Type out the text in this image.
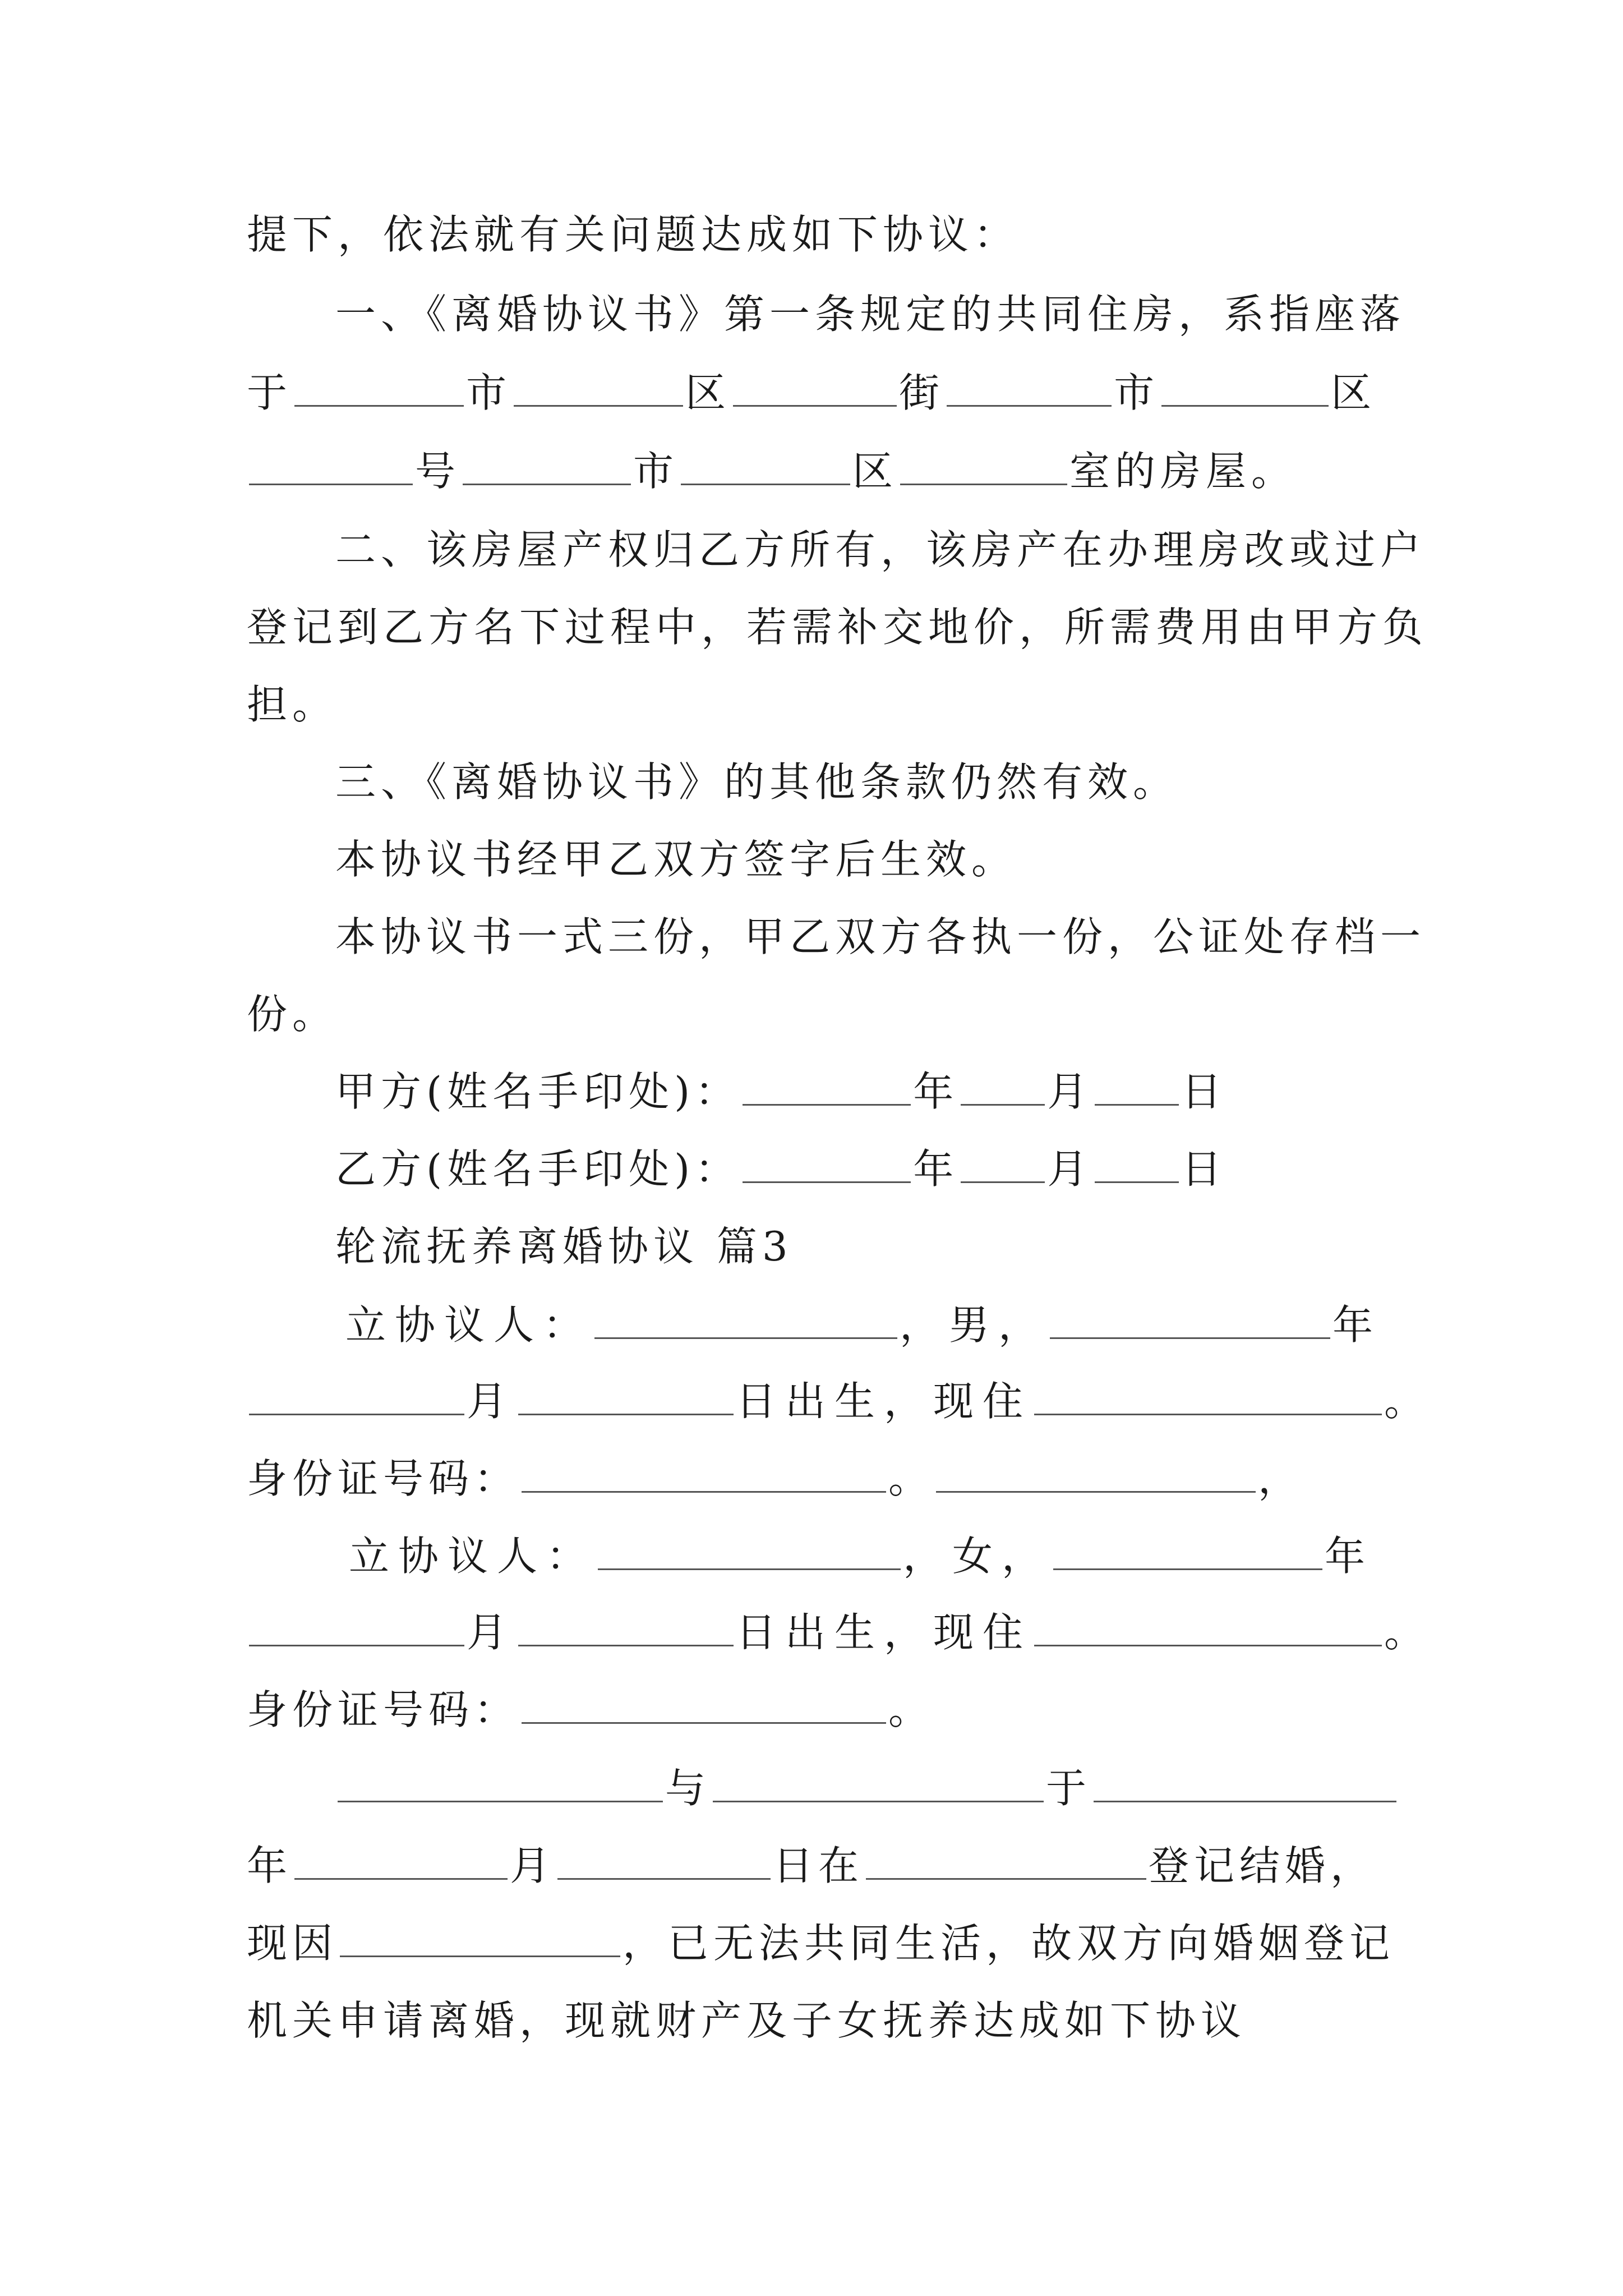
提下，依法就有关问题达成如下协议：
一、《离婚协议书》第一条规定的共同住房，系指座落
于	市	区	街	市	区
号	市	区	室的房屋。
二、该房屋产权归乙方所有，该房产在办理房改或过户
登记到乙方名下过程中，若需补交地价，所需费用由甲方负
担。
三、《离婚协议书》的其他条款仍然有效。
本协议书经甲乙双方签字后生效。
本协议书一式三份，甲乙双方各执一份，公证处存档一
份。
甲方(姓名手印处)：	年 月 日
乙方(姓名手印处)：	年 月 日
轮流抚养离婚协议 篇3
立协议人：	，男，	年
月	日出生，现住	。
身份证号码：	。	，
立协议人：	，女，	年
月	日出生，现住	。
身份证号码：	。
与	于
年	月	日在	登记结婚，
现因	，已无法共同生活，故双方向婚姻登记
机关申请离婚，现就财产及子女抚养达成如下协议
